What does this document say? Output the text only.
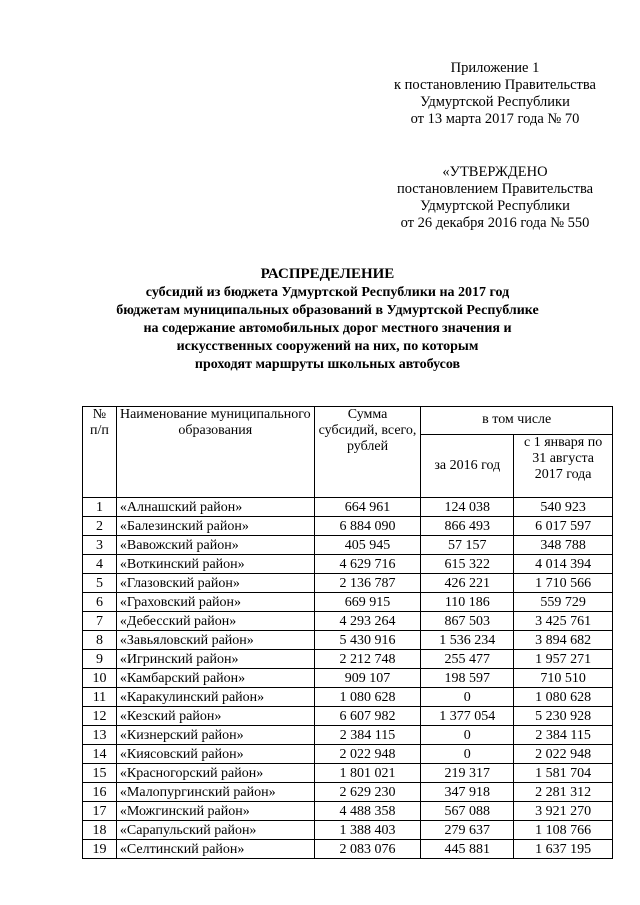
Приложение 1
к постановлению Правительства
Удмуртской Республики
от 13 марта 2017 года № 70
«УТВЕРЖДЕНО
постановлением Правительства
Удмуртской Республики
от 26 декабря 2016 года № 550
РАСПРЕДЕЛЕНИЕ
субсидий из бюджета Удмуртской Республики на 2017 год
бюджетам муниципальных образований в Удмуртской Республике
на содержание автомобильных дорог местного значения и
искусственных сооружений на них, по которым
проходят маршруты школьных автобусов
№ п/п	Наименование муниципального образования	Сумма субсидий, всего, рублей	в том числе	
			за 2016 год	с 1 января по 31 августа 2017 года
1	«Алнашский район»	664 961	124 038	540 923
2	«Балезинский район»	6 884 090	866 493	6 017 597
3	«Вавожский район»	405 945	57 157	348 788
4	«Воткинский район»	4 629 716	615 322	4 014 394
5	«Глазовский район»	2 136 787	426 221	1 710 566
6	«Граховский район»	669 915	110 186	559 729
7	«Дебесский район»	4 293 264	867 503	3 425 761
8	«Завьяловский район»	5 430 916	1 536 234	3 894 682
9	«Игринский район»	2 212 748	255 477	1 957 271
10	«Камбарский район»	909 107	198 597	710 510
11	«Каракулинский район»	1 080 628	0	1 080 628
12	«Кезский район»	6 607 982	1 377 054	5 230 928
13	«Кизнерский район»	2 384 115	0	2 384 115
14	«Киясовский район»	2 022 948	0	2 022 948
15	«Красногорский район»	1 801 021	219 317	1 581 704
16	«Малопургинский район»	2 629 230	347 918	2 281 312
17	«Можгинский район»	4 488 358	567 088	3 921 270
18	«Сарапульский район»	1 388 403	279 637	1 108 766
19	«Селтинский район»	2 083 076	445 881	1 637 195
